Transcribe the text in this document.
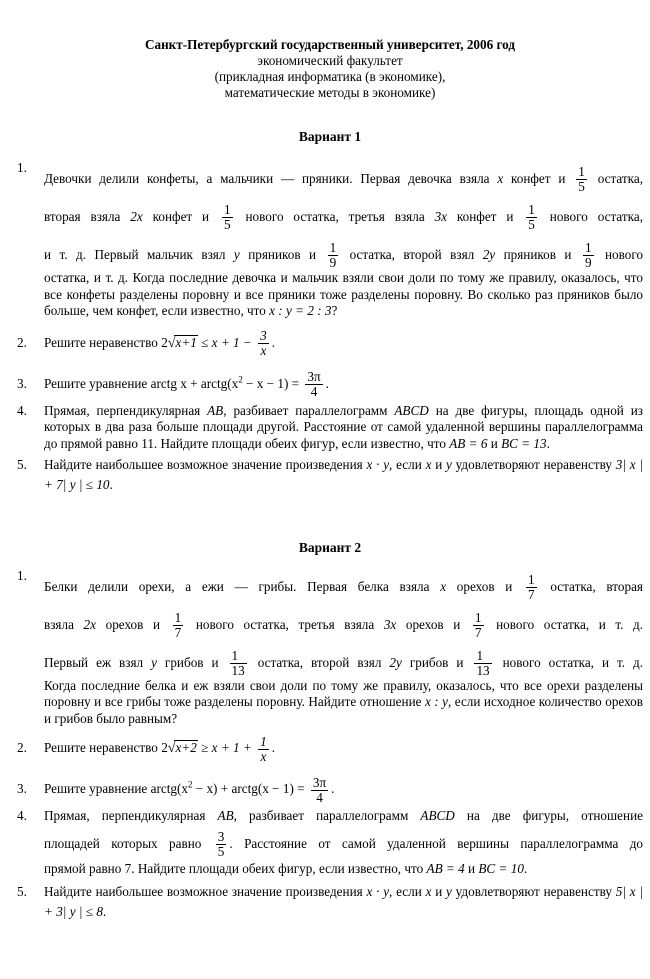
Санкт-Петербургский государственный университет, 2006 год
экономический факультет
(прикладная информатика (в экономике),
математические методы в экономике)
Вариант 1
1.
Девочки делили конфеты, а мальчики — пряники. Первая девочка взяла x конфет и $\frac{1}{5}$ остатка,
вторая взяла 2x конфет и $\frac{1}{5}$ нового остатка, третья взяла 3x конфет и $\frac{1}{5}$ нового остатка,
и т. д. Первый мальчик взял y пряников и $\frac{1}{9}$ остатка, второй взял 2y пряников и $\frac{1}{9}$ нового
остатка, и т. д. Когда последние девочка и мальчик взяли свои доли по тому же правилу, оказалось, что все конфеты разделены поровну и все пряники тоже разделены поровну. Во сколько раз пряников было больше, чем конфет, если известно, что x : y = 2 : 3?
2. Решите неравенство $2√x+1 \le x + 1 - \frac{3}{x}$ .
3. Решите уравнение arctg $x + arctg(x^2 - x - 1) = \frac{3\pi}{4}$ .
4. Прямая, перпендикулярная AB, разбивает параллелограмм ABCD на две фигуры, площадь одной из которых в два раза больше площади другой. Расстояние от самой удаленной вершины параллелограмма до прямой равно 11. Найдите площади обеих фигур, если известно, что AB = 6 и BC = 13.
5. Найдите наибольшее возможное значение произведения x · y, если x и y удовлетворяют неравенству 3| x | + 7| y | ≤ 10.
Вариант 2
1.
Белки делили орехи, а ежи — грибы. Первая белка взяла x орехов и $\frac{1}{7}$ остатка, вторая
взяла 2x орехов и $\frac{1}{7}$ нового остатка, третья взяла 3x орехов и $\frac{1}{7}$ нового остатка, и т. д.
Первый еж взял y грибов и $\frac{1}{13}$ остатка, второй взял 2y грибов и $\frac{1}{13}$ нового остатка, и т. д.
Когда последние белка и еж взяли свои доли по тому же правилу, оказалось, что все орехи разделены поровну и все грибы тоже разделены поровну. Найдите отношение x : y, если исходное количество орехов и грибов было равным?
2. Решите неравенство $2√x+2 \ge x + 1 + \frac{1}{x}$ .
3. Решите уравнение $arctg(x^2 - x)$ + arctg(x − $1) = \frac{3\pi}{4}$ .
4. Прямая, перпендикулярная AB, разбивает параллелограмм ABCD на две фигуры, отношение
площадей которых равно $\frac{3}{5}$ . Расстояние от самой удаленной вершины параллелограмма до
прямой равно 7. Найдите площади обеих фигур, если известно, что AB = 4 и BC = 10.
5. Найдите наибольшее возможное значение произведения x · y, если x и y удовлетворяют неравенству 5| x | + 3| y | ≤ 8.
